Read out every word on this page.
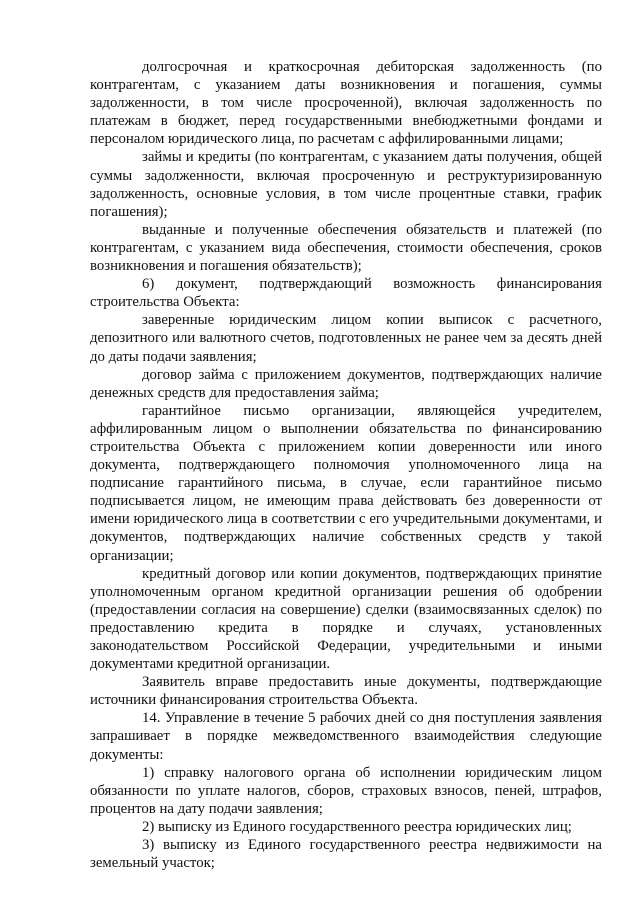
долгосрочная и краткосрочная дебиторская задолженность (по контрагентам, с указанием даты возникновения и погашения, суммы задолженности, в том числе просроченной), включая задолженность по платежам в бюджет, перед государственными внебюджетными фондами и персоналом юридического лица, по расчетам с аффилированными лицами;

займы и кредиты (по контрагентам, с указанием даты получения, общей суммы задолженности, включая просроченную и реструктуризированную задолженность, основные условия, в том числе процентные ставки, график погашения);

выданные и полученные обеспечения обязательств и платежей (по контрагентам, с указанием вида обеспечения, стоимости обеспечения, сроков возникновения и погашения обязательств);

6) документ, подтверждающий возможность финансирования строительства Объекта:

заверенные юридическим лицом копии выписок с расчетного, депозитного или валютного счетов, подготовленных не ранее чем за десять дней до даты подачи заявления;

договор займа с приложением документов, подтверждающих наличие денежных средств для предоставления займа;

гарантийное письмо организации, являющейся учредителем, аффилированным лицом о выполнении обязательства по финансированию строительства Объекта с приложением копии доверенности или иного документа, подтверждающего полномочия уполномоченного лица на подписание гарантийного письма, в случае, если гарантийное письмо подписывается лицом, не имеющим права действовать без доверенности от имени юридического лица в соответствии с его учредительными документами, и документов, подтверждающих наличие собственных средств у такой организации;

кредитный договор или копии документов, подтверждающих принятие уполномоченным органом кредитной организации решения об одобрении (предоставлении согласия на совершение) сделки (взаимосвязанных сделок) по предоставлению кредита в порядке и случаях, установленных законодательством Российской Федерации, учредительными и иными документами кредитной организации.

Заявитель вправе предоставить иные документы, подтверждающие источники финансирования строительства Объекта.

14. Управление в течение 5 рабочих дней со дня поступления заявления запрашивает в порядке межведомственного взаимодействия следующие документы:

1) справку налогового органа об исполнении юридическим лицом обязанности по уплате налогов, сборов, страховых взносов, пеней, штрафов, процентов на дату подачи заявления;

2) выписку из Единого государственного реестра юридических лиц;

3) выписку из Единого государственного реестра недвижимости на земельный участок;
